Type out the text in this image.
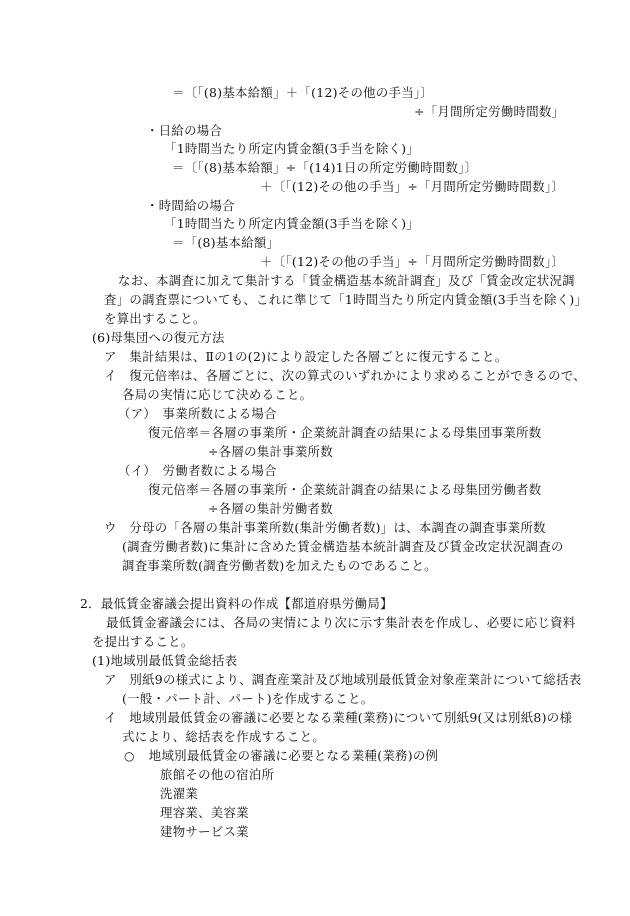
＝〔「(8)基本給額」＋「(12)その他の手当」〕
÷「月間所定労働時間数」
・日給の場合
「1時間当たり所定内賃金額(3手当を除く)」
＝〔「(8)基本給額」÷「(14)1日の所定労働時間数」〕
＋〔「(12)その他の手当」÷「月間所定労働時間数」〕
・時間給の場合
「1時間当たり所定内賃金額(3手当を除く)」
＝「(8)基本給額」
＋〔「(12)その他の手当」÷「月間所定労働時間数」〕
なお、本調査に加えて集計する「賃金構造基本統計調査」及び「賃金改定状況調
査」の調査票についても、これに準じて「1時間当たり所定内賃金額(3手当を除く)」
を算出すること。
(6)母集団への復元方法
ア　集計結果は、Ⅱの1の(2)により設定した各層ごとに復元すること。
イ　復元倍率は、各層ごとに、次の算式のいずれかにより求めることができるので、
各局の実情に応じて決めること。
（ア）　事業所数による場合
復元倍率＝各層の事業所・企業統計調査の結果による母集団事業所数
÷各層の集計事業所数
（イ）　労働者数による場合
復元倍率＝各層の事業所・企業統計調査の結果による母集団労働者数
÷各層の集計労働者数
ウ　分母の「各層の集計事業所数(集計労働者数)」は、本調査の調査事業所数
(調査労働者数)に集計に含めた賃金構造基本統計調査及び賃金改定状況調査の
調査事業所数(調査労働者数)を加えたものであること。
2．最低賃金審議会提出資料の作成【都道府県労働局】
最低賃金審議会には、各局の実情により次に示す集計表を作成し、必要に応じ資料
を提出すること。
(1)地域別最低賃金総括表
ア　別紙9の様式により、調査産業計及び地域別最低賃金対象産業計について総括表
(一般・パート計、パート)を作成すること。
イ　地域別最低賃金の審議に必要となる業種(業務)について別紙9(又は別紙8)の様
式により、総括表を作成すること。
○ 地域別最低賃金の審議に必要となる業種(業務)の例
旅館その他の宿泊所
洗濯業
理容業、美容業
建物サービス業
